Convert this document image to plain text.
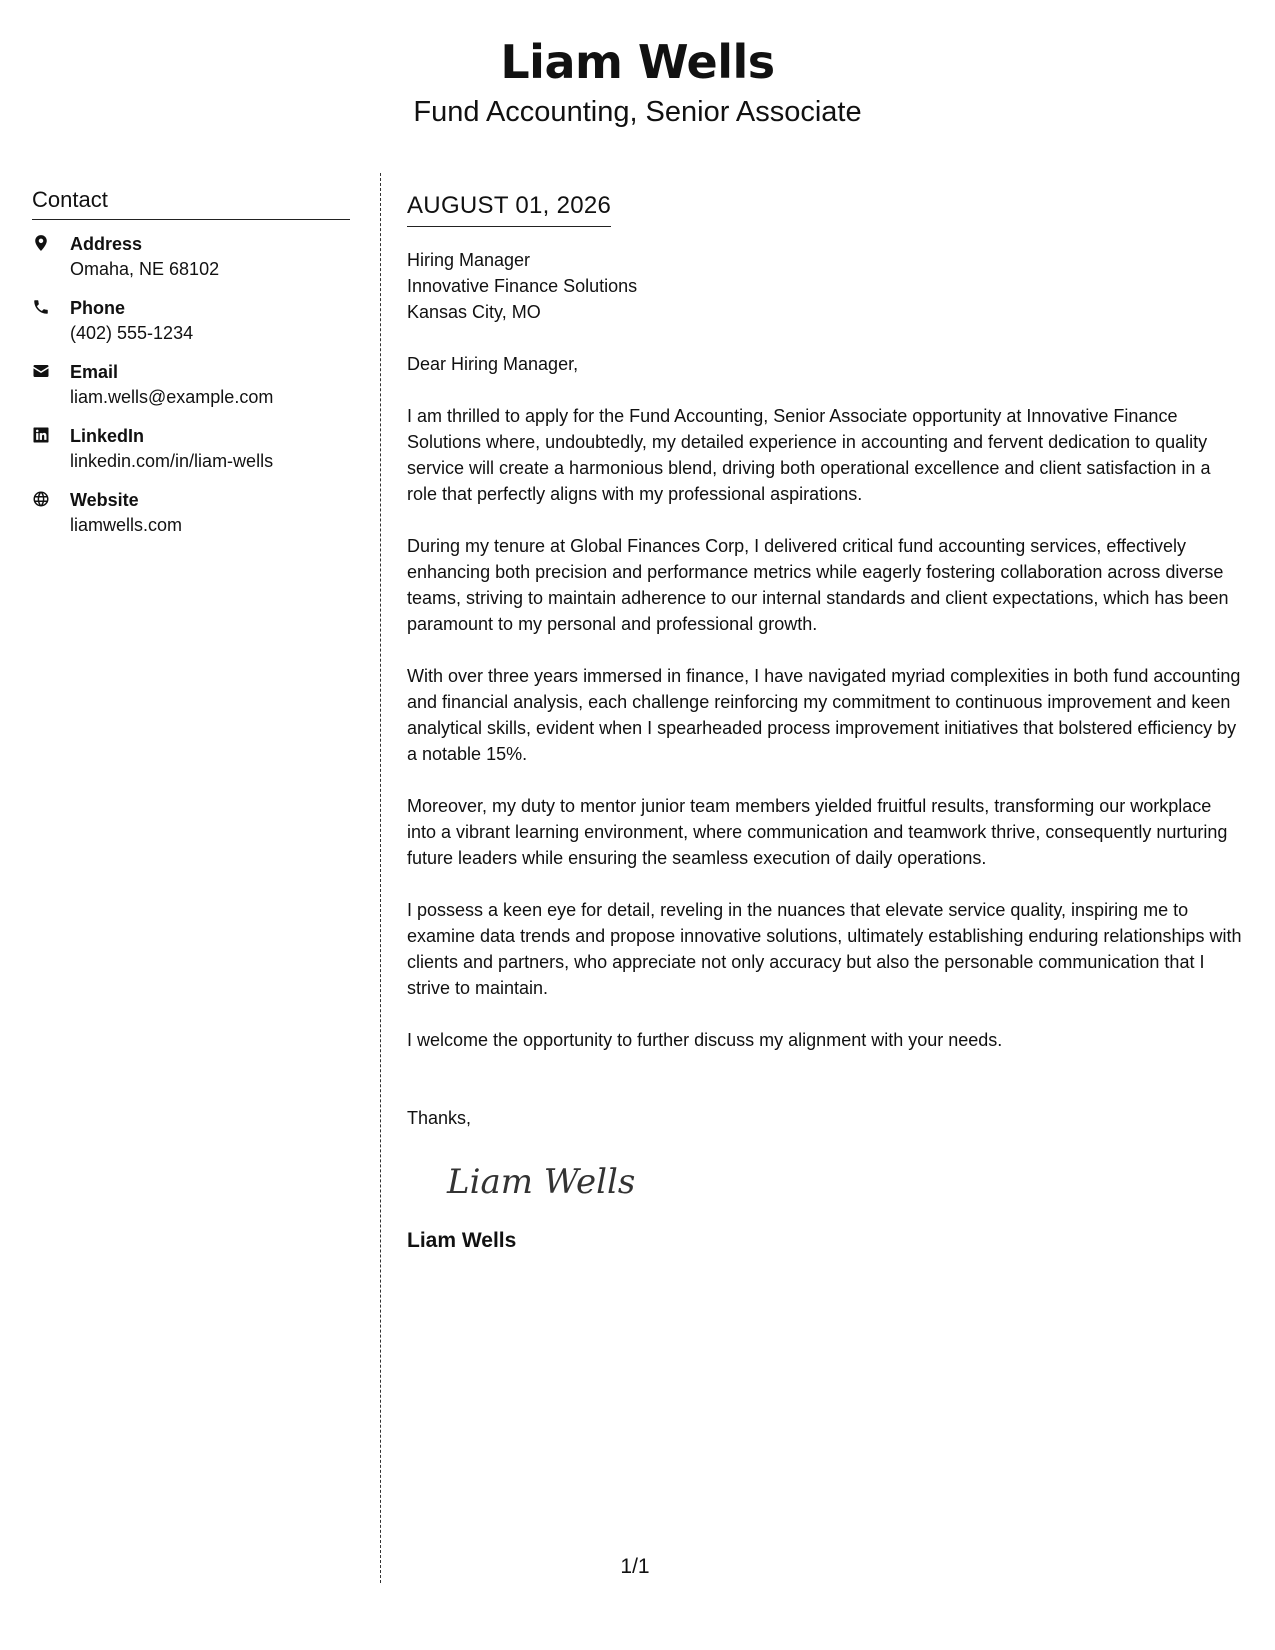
Liam Wells
Fund Accounting, Senior Associate
Contact
Address
Omaha, NE 68102
Phone
(402) 555-1234
Email
liam.wells@example.com
LinkedIn
linkedin.com/in/liam-wells
Website
liamwells.com
AUGUST 01, 2026
Hiring Manager
Innovative Finance Solutions
Kansas City, MO

Dear Hiring Manager,

I am thrilled to apply for the Fund Accounting, Senior Associate opportunity at Innovative Finance Solutions where, undoubtedly, my detailed experience in accounting and fervent dedication to quality service will create a harmonious blend, driving both operational excellence and client satisfaction in a role that perfectly aligns with my professional aspirations.

During my tenure at Global Finances Corp, I delivered critical fund accounting services, effectively enhancing both precision and performance metrics while eagerly fostering collaboration across diverse teams, striving to maintain adherence to our internal standards and client expectations, which has been paramount to my personal and professional growth.

With over three years immersed in finance, I have navigated myriad complexities in both fund accounting and financial analysis, each challenge reinforcing my commitment to continuous improvement and keen analytical skills, evident when I spearheaded process improvement initiatives that bolstered efficiency by a notable 15%.

Moreover, my duty to mentor junior team members yielded fruitful results, transforming our workplace into a vibrant learning environment, where communication and teamwork thrive, consequently nurturing future leaders while ensuring the seamless execution of daily operations.

I possess a keen eye for detail, reveling in the nuances that elevate service quality, inspiring me to examine data trends and propose innovative solutions, ultimately establishing enduring relationships with clients and partners, who appreciate not only accuracy but also the personable communication that I strive to maintain.

I welcome the opportunity to further discuss my alignment with your needs.

Thanks,

Liam Wells
Liam Wells
1/1
